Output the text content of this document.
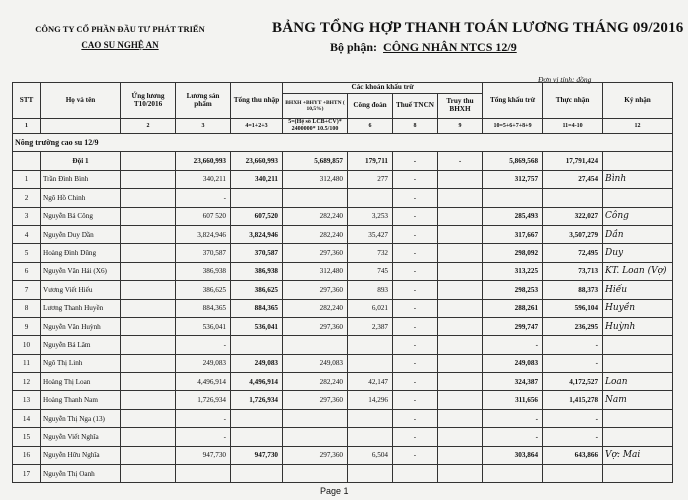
CÔNG TY CỔ PHẦN ĐẦU TƯ PHÁT TRIỂN
CAO SU NGHỆ AN
BẢNG TỔNG HỢP THANH TOÁN LƯƠNG THÁNG 09/2016
Bộ phận: CÔNG NHÂN NTCS 12/9
Đơn vị tính: đồng
STT	Họ và tên	Ứng lương T10/2016	Lương sản phẩm	Tổng thu nhập	Các khoản khấu trừ				Tổng khấu trừ	Thực nhận	Ký nhận
					BHXH +BHYT +BHTN ( 10,5%)	Công đoàn	Thuế TNCN	Truy thu BHXH			
1		2	3	4=1+2+3	5=(Hệ số LCB+CV)* 2400000* 10.5/100	6	8	9	10=5+6+7+8+9	11=4-10	12
Nông trường cao su 12/9											
	Đội 1		23,660,993	23,660,993	5,689,857	179,711	-	-	5,869,568	17,791,424	
1	Trần Đình Bình		340,211	340,211	312,480	277	-		312,757	27,454	Bình
2	Ngô Hồ Chinh		-				-				
3	Nguyễn Bá Công		607 520	607,520	282,240	3,253	-		285,493	322,027	Công
4	Nguyễn Duy Dần		3,824,946	3,824,946	282,240	35,427	-		317,667	3,507,279	Dần
5	Hoàng Đình Dũng		370,587	370,587	297,360	732	-		298,092	72,495	Duy
6	Nguyễn Văn Hải (X6)		386,938	386,938	312,480	745	-		313,225	73,713	KT. Loan (Vợ)
7	Vương Viết Hiếu		386,625	386,625	297,360	893	-		298,253	88,373	Hiếu
8	Lương Thanh Huyền		884,365	884,365	282,240	6,021	-		288,261	596,104	Huyền
9	Nguyễn Văn Huỳnh		536,041	536,041	297,360	2,387	-		299,747	236,295	Huỳnh
10	Nguyễn Bá Lâm		-				-		-	-	
11	Ngô Thị Linh		249,083	249,083	249,083		-		249,083	-	
12	Hoàng Thị Loan		4,496,914	4,496,914	282,240	42,147	-		324,387	4,172,527	Loan
13	Hoàng Thanh Nam		1,726,934	1,726,934	297,360	14,296	-		311,656	1,415,278	Nam
14	Nguyễn Thị Nga (13)		-				-		-	-	
15	Nguyễn Viết Nghĩa		-				-		-	-	
16	Nguyễn Hữu Nghĩa		947,730	947,730	297,360	6,504	-		303,864	643,866	Vợ: Mai
17	Nguyễn Thị Oanh										
Page 1
